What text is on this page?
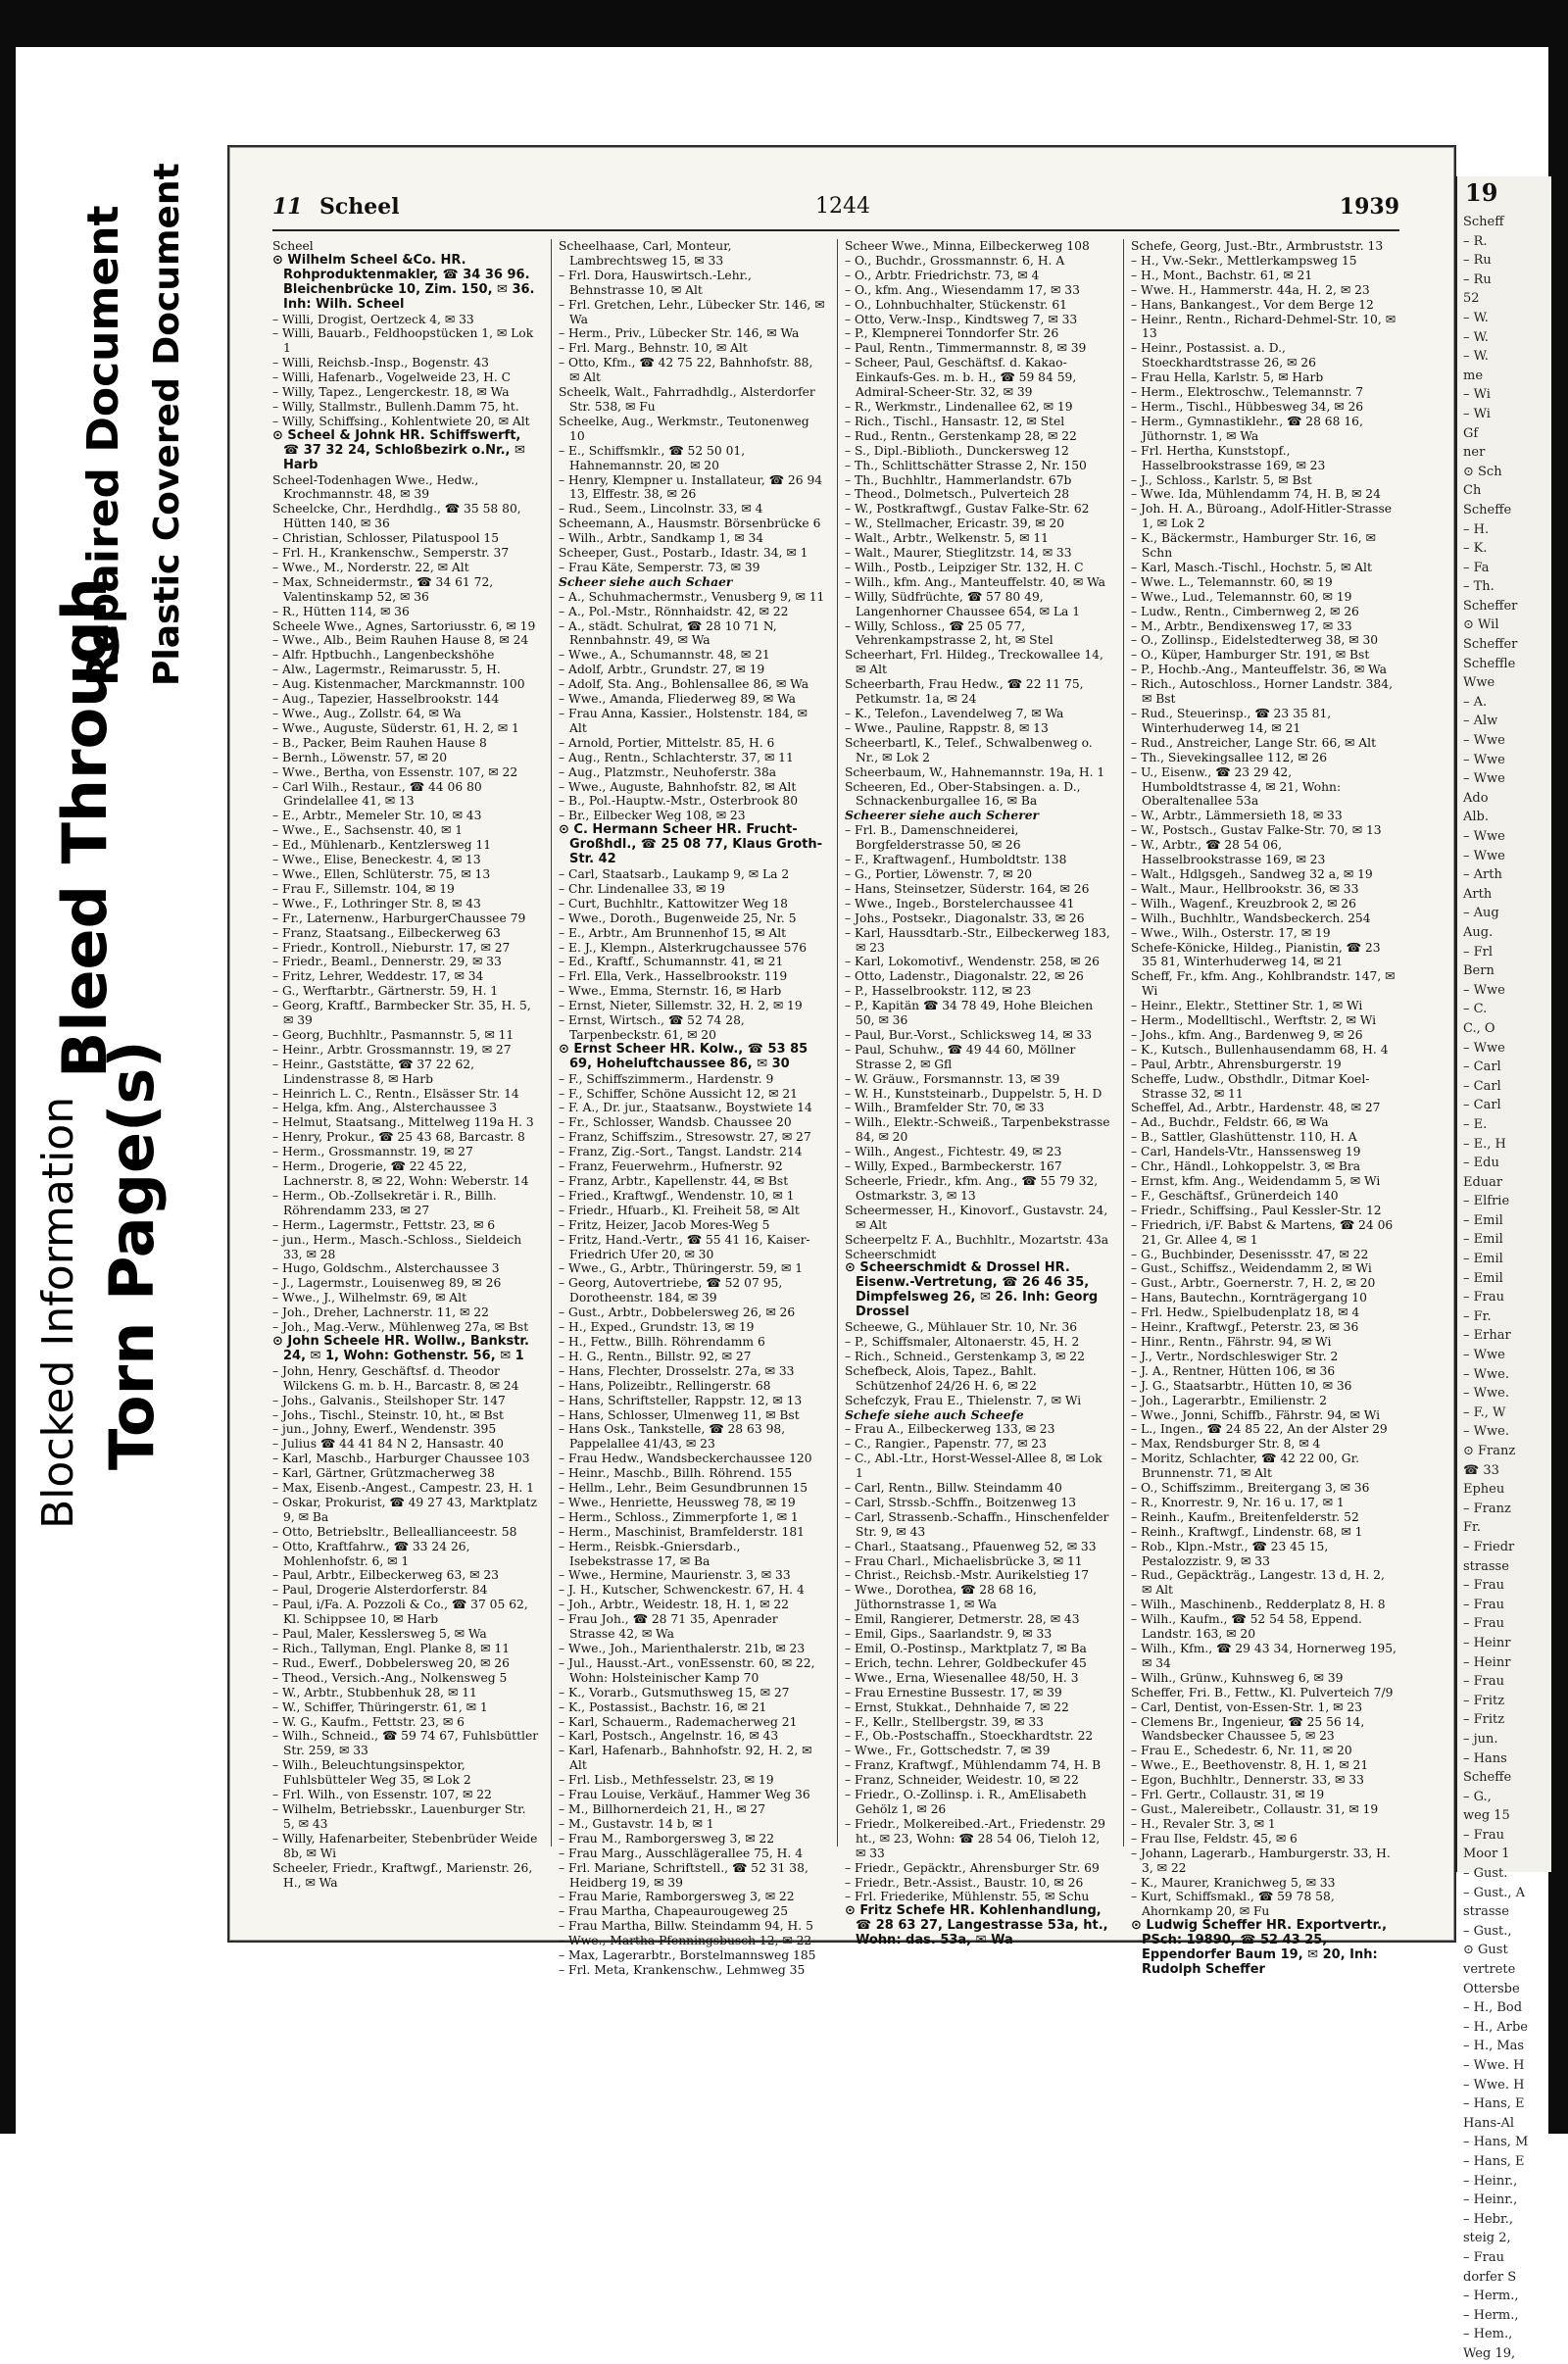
Blocked Information Torn Page(s)
Bleed Through
Repaired Document Plastic Covered Document	11 Scheel	1244	1939

Scheel

⊙ Wilhelm Scheel &Co. HR. Rohproduktenmakler, ☎ 34 36 96. Bleichenbrücke 10, Zim. 150, ✉ 36. Inh: Wilh. Scheel

– Willi, Drogist, Oertzeck 4, ✉ 33

– Willi, Bauarb., Feldhoopstücken 1, ✉ Lok 1

– Willi, Reichsb.-Insp., Bogenstr. 43

– Willi, Hafenarb., Vogelweide 23, H. C

– Willy, Tapez., Lengerckestr. 18, ✉ Wa

– Willy, Stallmstr., Bullenh.Damm 75, ht.

– Willy, Schiffsing., Kohlentwiete 20, ✉ Alt

⊙ Scheel & Johnk HR. Schiffswerft, ☎ 37 32 24, Schloßbezirk o.Nr., ✉ Harb

Scheel-Todenhagen Wwe., Hedw., Krochmannstr. 48, ✉ 39

Scheelcke, Chr., Herdhdlg., ☎ 35 58 80, Hütten 140, ✉ 36

– Christian, Schlosser, Pilatuspool 15

– Frl. H., Krankenschw., Semperstr. 37

– Wwe., M., Norderstr. 22, ✉ Alt

– Max, Schneidermstr., ☎ 34 61 72, Valentinskamp 52, ✉ 36

– R., Hütten 114, ✉ 36

Scheele Wwe., Agnes, Sartoriusstr. 6, ✉ 19

– Wwe., Alb., Beim Rauhen Hause 8, ✉ 24

– Alfr. Hptbuchh., Langenbeckshöhe

– Alw., Lagermstr., Reimarusstr. 5, H.

– Aug. Kistenmacher, Marckmannstr. 100

– Aug., Tapezier, Hasselbrookstr. 144

– Wwe., Aug., Zollstr. 64, ✉ Wa

– Wwe., Auguste, Süderstr. 61, H. 2, ✉ 1

– B., Packer, Beim Rauhen Hause 8

– Bernh., Löwenstr. 57, ✉ 20

– Wwe., Bertha, von Essenstr. 107, ✉ 22

– Carl Wilh., Restaur., ☎ 44 06 80 Grindelallee 41, ✉ 13

– E., Arbtr., Memeler Str. 10, ✉ 43

– Wwe., E., Sachsenstr. 40, ✉ 1

– Ed., Mühlenarb., Kentzlersweg 11

– Wwe., Elise, Beneckestr. 4, ✉ 13

– Wwe., Ellen, Schlüterstr. 75, ✉ 13

– Frau F., Sillemstr. 104, ✉ 19

– Wwe., F., Lothringer Str. 8, ✉ 43

– Fr., Laternenw., HarburgerChaussee 79

– Franz, Staatsang., Eilbeckerweg 63

– Friedr., Kontroll., Nieburstr. 17, ✉ 27

– Friedr., Beaml., Dennerstr. 29, ✉ 33

– Fritz, Lehrer, Weddestr. 17, ✉ 34

– G., Werftarbtr., Gärtnerstr. 59, H. 1

– Georg, Kraftf., Barmbecker Str. 35, H. 5, ✉ 39

– Georg, Buchhltr., Pasmannstr. 5, ✉ 11

– Heinr., Arbtr. Grossmannstr. 19, ✉ 27

– Heinr., Gaststätte, ☎ 37 22 62, Lindenstrasse 8, ✉ Harb

– Heinrich L. C., Rentn., Elsässer Str. 14

– Helga, kfm. Ang., Alsterchaussee 3

– Helmut, Staatsang., Mittelweg 119a H. 3

– Henry, Prokur., ☎ 25 43 68, Barcastr. 8

– Herm., Grossmannstr. 19, ✉ 27

– Herm., Drogerie, ☎ 22 45 22, Lachnerstr. 8, ✉ 22, Wohn: Weberstr. 14

– Herm., Ob.-Zollsekretär i. R., Billh. Röhrendamm 233, ✉ 27

– Herm., Lagermstr., Fettstr. 23, ✉ 6

– jun., Herm., Masch.-Schloss., Sieldeich 33, ✉ 28

– Hugo, Goldschm., Alsterchaussee 3

– J., Lagermstr., Louisenweg 89, ✉ 26

– Wwe., J., Wilhelmstr. 69, ✉ Alt

– Joh., Dreher, Lachnerstr. 11, ✉ 22

– Joh., Mag.-Verw., Mühlenweg 27a, ✉ Bst

⊙ John Scheele HR. Wollw., Bankstr. 24, ✉ 1, Wohn: Gothenstr. 56, ✉ 1

– John, Henry, Geschäftsf. d. Theodor Wilckens G. m. b. H., Barcastr. 8, ✉ 24

– Johs., Galvanis., Steilshoper Str. 147

– Johs., Tischl., Steinstr. 10, ht., ✉ Bst

– jun., Johny, Ewerf., Wendenstr. 395

– Julius ☎ 44 41 84 N 2, Hansastr. 40

– Karl, Maschb., Harburger Chaussee 103

– Karl, Gärtner, Grützmacherweg 38

– Max, Eisenb.-Angest., Campestr. 23, H. 1

– Oskar, Prokurist, ☎ 49 27 43, Marktplatz 9, ✉ Ba

– Otto, Betriebsltr., Belleallianceestr. 58

– Otto, Kraftfahrw., ☎ 33 24 26, Mohlenhofstr. 6, ✉ 1

– Paul, Arbtr., Eilbeckerweg 63, ✉ 23

– Paul, Drogerie Alsterdorferstr. 84

– Paul, i/Fa. A. Pozzoli & Co., ☎ 37 05 62, Kl. Schippsee 10, ✉ Harb

– Paul, Maler, Kesslersweg 5, ✉ Wa

– Rich., Tallyman, Engl. Planke 8, ✉ 11

– Rud., Ewerf., Dobbelersweg 20, ✉ 26

– Theod., Versich.-Ang., Nolkensweg 5

– W., Arbtr., Stubbenhuk 28, ✉ 11

– W., Schiffer, Thüringerstr. 61, ✉ 1

– W. G., Kaufm., Fettstr. 23, ✉ 6

– Wilh., Schneid., ☎ 59 74 67, Fuhlsbüttler Str. 259, ✉ 33

– Wilh., Beleuchtungsinspektor, Fuhlsbütteler Weg 35, ✉ Lok 2

– Frl. Wilh., von Essenstr. 107, ✉ 22

– Wilhelm, Betriebsskr., Lauenburger Str. 5, ✉ 43

– Willy, Hafenarbeiter, Stebenbrüder Weide 8b, ✉ Wi

Scheeler, Friedr., Kraftwgf., Marienstr. 26, H., ✉ Wa

Scheelhaase, Carl, Monteur, Lambrechtsweg 15, ✉ 33

– Frl. Dora, Hauswirtsch.-Lehr., Behnstrasse 10, ✉ Alt

– Frl. Gretchen, Lehr., Lübecker Str. 146, ✉ Wa

– Herm., Priv., Lübecker Str. 146, ✉ Wa

– Frl. Marg., Behnstr. 10, ✉ Alt

– Otto, Kfm., ☎ 42 75 22, Bahnhofstr. 88, ✉ Alt

Scheelk, Walt., Fahrradhdlg., Alsterdorfer Str. 538, ✉ Fu

Scheelke, Aug., Werkmstr., Teutonenweg 10

– E., Schiffsmklr., ☎ 52 50 01, Hahnemannstr. 20, ✉ 20

– Henry, Klempner u. Installateur, ☎ 26 94 13, Elffestr. 38, ✉ 26

– Rud., Seem., Lincolnstr. 33, ✉ 4

Scheemann, A., Hausmstr. Börsenbrücke 6

– Wilh., Arbtr., Sandkamp 1, ✉ 34

Scheeper, Gust., Postarb., Idastr. 34, ✉ 1

– Frau Käte, Semperstr. 73, ✉ 39

Scheer siehe auch Schaer

– A., Schuhmachermstr., Venusberg 9, ✉ 11

– A., Pol.-Mstr., Rönnhaidstr. 42, ✉ 22

– A., städt. Schulrat, ☎ 28 10 71 N, Rennbahnstr. 49, ✉ Wa

– Wwe., A., Schumannstr. 48, ✉ 21

– Adolf, Arbtr., Grundstr. 27, ✉ 19

– Adolf, Sta. Ang., Bohlensallee 86, ✉ Wa

– Wwe., Amanda, Fliederweg 89, ✉ Wa

– Frau Anna, Kassier., Holstenstr. 184, ✉ Alt

– Arnold, Portier, Mittelstr. 85, H. 6

– Aug., Rentn., Schlachterstr. 37, ✉ 11

– Aug., Platzmstr., Neuhoferstr. 38a

– Wwe., Auguste, Bahnhofstr. 82, ✉ Alt

– B., Pol.-Hauptw.-Mstr., Osterbrook 80

– Br., Eilbecker Weg 108, ✉ 23

⊙ C. Hermann Scheer HR. Frucht-Großhdl., ☎ 25 08 77, Klaus Groth-Str. 42

– Carl, Staatsarb., Laukamp 9, ✉ La 2

– Chr. Lindenallee 33, ✉ 19

– Curt, Buchhltr., Kattowitzer Weg 18

– Wwe., Doroth., Bugenweide 25, Nr. 5

– E., Arbtr., Am Brunnenhof 15, ✉ Alt

– E. J., Klempn., Alsterkrugchaussee 576

– Ed., Kraftf., Schumannstr. 41, ✉ 21

– Frl. Ella, Verk., Hasselbrookstr. 119

– Wwe., Emma, Sternstr. 16, ✉ Harb

– Ernst, Nieter, Sillemstr. 32, H. 2, ✉ 19

– Ernst, Wirtsch., ☎ 52 74 28, Tarpenbeckstr. 61, ✉ 20

⊙ Ernst Scheer HR. Kolw., ☎ 53 85 69, Hoheluftchaussee 86, ✉ 30

– F., Schiffszimmerm., Hardenstr. 9

– F., Schiffer, Schöne Aussicht 12, ✉ 21

– F. A., Dr. jur., Staatsanw., Boystwiete 14

– Fr., Schlosser, Wandsb. Chaussee 20

– Franz, Schiffszim., Stresowstr. 27, ✉ 27

– Franz, Zig.-Sort., Tangst. Landstr. 214

– Franz, Feuerwehrm., Hufnerstr. 92

– Franz, Arbtr., Kapellenstr. 44, ✉ Bst

– Fried., Kraftwgf., Wendenstr. 10, ✉ 1

– Friedr., Hfuarb., Kl. Freiheit 58, ✉ Alt

– Fritz, Heizer, Jacob Mores-Weg 5

– Fritz, Hand.-Vertr., ☎ 55 41 16, Kaiser-Friedrich Ufer 20, ✉ 30

– Wwe., G., Arbtr., Thüringerstr. 59, ✉ 1

– Georg, Autovertriebe, ☎ 52 07 95, Dorotheenstr. 184, ✉ 39

– Gust., Arbtr., Dobbelersweg 26, ✉ 26

– H., Exped., Grundstr. 13, ✉ 19

– H., Fettw., Billh. Röhrendamm 6

– H. G., Rentn., Billstr. 92, ✉ 27

– Hans, Flechter, Drosselstr. 27a, ✉ 33

– Hans, Polizeibtr., Rellingerstr. 68

– Hans, Schriftsteller, Rappstr. 12, ✉ 13

– Hans, Schlosser, Ulmenweg 11, ✉ Bst

– Hans Osk., Tankstelle, ☎ 28 63 98, Pappelallee 41/43, ✉ 23

– Frau Hedw., Wandsbeckerchaussee 120

– Heinr., Maschb., Billh. Röhrend. 155

– Hellm., Lehr., Beim Gesundbrunnen 15

– Wwe., Henriette, Heussweg 78, ✉ 19

– Herm., Schloss., Zimmerpforte 1, ✉ 1

– Herm., Maschinist, Bramfelderstr. 181

– Herm., Reisbk.-Gniersdarb., Isebekstrasse 17, ✉ Ba

– Wwe., Hermine, Maurienstr. 3, ✉ 33

– J. H., Kutscher, Schwenckestr. 67, H. 4

– Joh., Arbtr., Weidestr. 18, H. 1, ✉ 22

– Frau Joh., ☎ 28 71 35, Apenrader Strasse 42, ✉ Wa

– Wwe., Joh., Marienthalerstr. 21b, ✉ 23

– Jul., Hausst.-Art., vonEssenstr. 60, ✉ 22, Wohn: Holsteinischer Kamp 70

– K., Vorarb., Gutsmuthsweg 15, ✉ 27

– K., Postassist., Bachstr. 16, ✉ 21

– Karl, Schauerm., Rademacherweg 21

– Karl, Postsch., Angelnstr. 16, ✉ 43

– Karl, Hafenarb., Bahnhofstr. 92, H. 2, ✉ Alt

– Frl. Lisb., Methfesselstr. 23, ✉ 19

– Frau Louise, Verkäuf., Hammer Weg 36

– M., Billhornerdeich 21, H., ✉ 27

– M., Gustavstr. 14 b, ✉ 1

– Frau M., Ramborgersweg 3, ✉ 22

– Frau Marg., Ausschlägerallee 75, H. 4

– Frl. Mariane, Schriftstell., ☎ 52 31 38, Heidberg 19, ✉ 39

– Frau Marie, Ramborgersweg 3, ✉ 22

– Frau Martha, Chapeaurougeweg 25

– Frau Martha, Billw. Steindamm 94, H. 5

– Wwe., Martha Pfenningsbusch 12, ✉ 22

– Max, Lagerarbtr., Borstelmannsweg 185

– Frl. Meta, Krankenschw., Lehmweg 35

Scheer Wwe., Minna, Eilbeckerweg 108

– O., Buchdr., Grossmannstr. 6, H. A

– O., Arbtr. Friedrichstr. 73, ✉ 4

– O., kfm. Ang., Wiesendamm 17, ✉ 33

– O., Lohnbuchhalter, Stückenstr. 61

– Otto, Verw.-Insp., Kindtsweg 7, ✉ 33

– P., Klempnerei Tonndorfer Str. 26

– Paul, Rentn., Timmermannstr. 8, ✉ 39

– Scheer, Paul, Geschäftsf. d. Kakao-Einkaufs-Ges. m. b. H., ☎ 59 84 59, Admiral-Scheer-Str. 32, ✉ 39

– R., Werkmstr., Lindenallee 62, ✉ 19

– Rich., Tischl., Hansastr. 12, ✉ Stel

– Rud., Rentn., Gerstenkamp 28, ✉ 22

– S., Dipl.-Biblioth., Dunckersweg 12

– Th., Schlittschätter Strasse 2, Nr. 150

– Th., Buchhltr., Hammerlandstr. 67b

– Theod., Dolmetsch., Pulverteich 28

– W., Postkraftwgf., Gustav Falke-Str. 62

– W., Stellmacher, Ericastr. 39, ✉ 20

– Walt., Arbtr., Welkenstr. 5, ✉ 11

– Walt., Maurer, Stieglitzstr. 14, ✉ 33

– Wilh., Postb., Leipziger Str. 132, H. C

– Wilh., kfm. Ang., Manteuffelstr. 40, ✉ Wa

– Willy, Südfrüchte, ☎ 57 80 49, Langenhorner Chaussee 654, ✉ La 1

– Willy, Schloss., ☎ 25 05 77, Vehrenkampstrasse 2, ht, ✉ Stel

Scheerhart, Frl. Hildeg., Treckowallee 14, ✉ Alt

Scheerbarth, Frau Hedw., ☎ 22 11 75, Petkumstr. 1a, ✉ 24

– K., Telefon., Lavendelweg 7, ✉ Wa

– Wwe., Pauline, Rappstr. 8, ✉ 13

Scheerbartl, K., Telef., Schwalbenweg o. Nr., ✉ Lok 2

Scheerbaum, W., Hahnemannstr. 19a, H. 1

Scheeren, Ed., Ober-Stabsingen. a. D., Schnackenburgallee 16, ✉ Ba

Scheerer siehe auch Scherer

– Frl. B., Damenschneiderei, Borgfelderstrasse 50, ✉ 26

– F., Kraftwagenf., Humboldtstr. 138

– G., Portier, Löwenstr. 7, ✉ 20

– Hans, Steinsetzer, Süderstr. 164, ✉ 26

– Wwe., Ingeb., Borstelerchaussee 41

– Johs., Postsekr., Diagonalstr. 33, ✉ 26

– Karl, Haussdtarb.-Str., Eilbeckerweg 183, ✉ 23

– Karl, Lokomotivf., Wendenstr. 258, ✉ 26

– Otto, Ladenstr., Diagonalstr. 22, ✉ 26

– P., Hasselbrookstr. 112, ✉ 23

– P., Kapitän ☎ 34 78 49, Hohe Bleichen 50, ✉ 36

– Paul, Bur.-Vorst., Schlicksweg 14, ✉ 33

– Paul, Schuhw., ☎ 49 44 60, Möllner Strasse 2, ✉ Gfl

– W. Gräuw., Forsmannstr. 13, ✉ 39

– W. H., Kunststeinarb., Duppelstr. 5, H. D

– Wilh., Bramfelder Str. 70, ✉ 33

– Wilh., Elektr.-Schweiß., Tarpenbekstrasse 84, ✉ 20

– Wilh., Angest., Fichtestr. 49, ✉ 23

– Willy, Exped., Barmbeckerstr. 167

Scheerle, Friedr., kfm. Ang., ☎ 55 79 32, Ostmarkstr. 3, ✉ 13

Scheermesser, H., Kinovorf., Gustavstr. 24, ✉ Alt

Scheerpeltz F. A., Buchhltr., Mozartstr. 43a

Scheerschmidt

⊙ Scheerschmidt & Drossel HR. Eisenw.-Vertretung, ☎ 26 46 35, Dimpfelsweg 26, ✉ 26. Inh: Georg Drossel

Scheewe, G., Mühlauer Str. 10, Nr. 36

– P., Schiffsmaler, Altonaerstr. 45, H. 2

– Rich., Schneid., Gerstenkamp 3, ✉ 22

Schefbeck, Alois, Tapez., Bahlt. Schützenhof 24/26 H. 6, ✉ 22

Schefczyk, Frau E., Thielenstr. 7, ✉ Wi

Schefe siehe auch Scheefe

– Frau A., Eilbeckerweg 133, ✉ 23

– C., Rangier., Papenstr. 77, ✉ 23

– C., Abl.-Ltr., Horst-Wessel-Allee 8, ✉ Lok 1

– Carl, Rentn., Billw. Steindamm 40

– Carl, Strssb.-Schffn., Boitzenweg 13

– Carl, Strassenb.-Schaffn., Hinschenfelder Str. 9, ✉ 43

– Charl., Staatsang., Pfauenweg 52, ✉ 33

– Frau Charl., Michaelisbrücke 3, ✉ 11

– Christ., Reichsb.-Mstr. Aurikelstieg 17

– Wwe., Dorothea, ☎ 28 68 16, Jüthornstrasse 1, ✉ Wa

– Emil, Rangierer, Detmerstr. 28, ✉ 43

– Emil, Gips., Saarlandstr. 9, ✉ 33

– Emil, O.-Postinsp., Marktplatz 7, ✉ Ba

– Erich, techn. Lehrer, Goldbeckufer 45

– Wwe., Erna, Wiesenallee 48/50, H. 3

– Frau Ernestine Bussestr. 17, ✉ 39

– Ernst, Stukkat., Dehnhaide 7, ✉ 22

– F., Kellr., Stellbergstr. 39, ✉ 33

– F., Ob.-Postschaffn., Stoeckhardtstr. 22

– Wwe., Fr., Gottschedstr. 7, ✉ 39

– Franz, Kraftwgf., Mühlendamm 74, H. B

– Franz, Schneider, Weidestr. 10, ✉ 22

– Friedr., O.-Zollinsp. i. R., AmElisabeth Gehölz 1, ✉ 26

– Friedr., Molkereibed.-Art., Friedenstr. 29 ht., ✉ 23, Wohn: ☎ 28 54 06, Tieloh 12, ✉ 33

– Friedr., Gepäcktr., Ahrensburger Str. 69

– Friedr., Betr.-Assist., Baustr. 10, ✉ 26

– Frl. Friederike, Mühlenstr. 55, ✉ Schu

⊙ Fritz Schefe HR. Kohlenhandlung, ☎ 28 63 27, Langestrasse 53a, ht., Wohn: das. 53a, ✉ Wa

Schefe, Georg, Just.-Btr., Armbruststr. 13

– H., Vw.-Sekr., Mettlerkampsweg 15

– H., Mont., Bachstr. 61, ✉ 21

– Wwe. H., Hammerstr. 44a, H. 2, ✉ 23

– Hans, Bankangest., Vor dem Berge 12

– Heinr., Rentn., Richard-Dehmel-Str. 10, ✉ 13

– Heinr., Postassist. a. D., Stoeckhardtstrasse 26, ✉ 26

– Frau Hella, Karlstr. 5, ✉ Harb

– Herm., Elektroschw., Telemannstr. 7

– Herm., Tischl., Hübbesweg 34, ✉ 26

– Herm., Gymnastiklehr., ☎ 28 68 16, Jüthornstr. 1, ✉ Wa

– Frl. Hertha, Kunststopf., Hasselbrookstrasse 169, ✉ 23

– J., Schloss., Karlstr. 5, ✉ Bst

– Wwe. Ida, Mühlendamm 74, H. B, ✉ 24

– Joh. H. A., Büroang., Adolf-Hitler-Strasse 1, ✉ Lok 2

– K., Bäckermstr., Hamburger Str. 16, ✉ Schn

– Karl, Masch.-Tischl., Hochstr. 5, ✉ Alt

– Wwe. L., Telemannstr. 60, ✉ 19

– Wwe., Lud., Telemannstr. 60, ✉ 19

– Ludw., Rentn., Cimbernweg 2, ✉ 26

– M., Arbtr., Bendixensweg 17, ✉ 33

– O., Zollinsp., Eidelstedterweg 38, ✉ 30

– O., Küper, Hamburger Str. 191, ✉ Bst

– P., Hochb.-Ang., Manteuffelstr. 36, ✉ Wa

– Rich., Autoschloss., Horner Landstr. 384, ✉ Bst

– Rud., Steuerinsp., ☎ 23 35 81, Winterhuderweg 14, ✉ 21

– Rud., Anstreicher, Lange Str. 66, ✉ Alt

– Th., Sievekingsallee 112, ✉ 26

– U., Eisenw., ☎ 23 29 42, Humboldtstrasse 4, ✉ 21, Wohn: Oberaltenallee 53a

– W., Arbtr., Lämmersieth 18, ✉ 33

– W., Postsch., Gustav Falke-Str. 70, ✉ 13

– W., Arbtr., ☎ 28 54 06, Hasselbrookstrasse 169, ✉ 23

– Walt., Hdlgsgeh., Sandweg 32 a, ✉ 19

– Walt., Maur., Hellbrookstr. 36, ✉ 33

– Wilh., Wagenf., Kreuzbrook 2, ✉ 26

– Wilh., Buchhltr., Wandsbeckerch. 254

– Wwe., Wilh., Osterstr. 17, ✉ 19

Schefe-Könicke, Hildeg., Pianistin, ☎ 23 35 81, Winterhuderweg 14, ✉ 21

Scheff, Fr., kfm. Ang., Kohlbrandstr. 147, ✉ Wi

– Heinr., Elektr., Stettiner Str. 1, ✉ Wi

– Herm., Modelltischl., Werftstr. 2, ✉ Wi

– Johs., kfm. Ang., Bardenweg 9, ✉ 26

– K., Kutsch., Bullenhausendamm 68, H. 4

– Paul, Arbtr., Ahrensburgerstr. 19

Scheffe, Ludw., Obsthdlr., Ditmar Koel-Strasse 32, ✉ 11

Scheffel, Ad., Arbtr., Hardenstr. 48, ✉ 27

– Ad., Buchdr., Feldstr. 66, ✉ Wa

– B., Sattler, Glashüttenstr. 110, H. A

– Carl, Handels-Vtr., Hanssensweg 19

– Chr., Händl., Lohkoppelstr. 3, ✉ Bra

– Ernst, kfm. Ang., Weidendamm 5, ✉ Wi

– F., Geschäftsf., Grünerdeich 140

– Friedr., Schiffsing., Paul Kessler-Str. 12

– Friedrich, i/F. Babst & Martens, ☎ 24 06 21, Gr. Allee 4, ✉ 1

– G., Buchbinder, Desenissstr. 47, ✉ 22

– Gust., Schiffsz., Weidendamm 2, ✉ Wi

– Gust., Arbtr., Goernerstr. 7, H. 2, ✉ 20

– Hans, Bautechn., Kornträgergang 10

– Frl. Hedw., Spielbudenplatz 18, ✉ 4

– Heinr., Kraftwgf., Peterstr. 23, ✉ 36

– Hinr., Rentn., Fährstr. 94, ✉ Wi

– J., Vertr., Nordschleswiger Str. 2

– J. A., Rentner, Hütten 106, ✉ 36

– J. G., Staatsarbtr., Hütten 10, ✉ 36

– Joh., Lagerarbtr., Emilienstr. 2

– Wwe., Jonni, Schiffb., Fährstr. 94, ✉ Wi

– L., Ingen., ☎ 24 85 22, An der Alster 29

– Max, Rendsburger Str. 8, ✉ 4

– Moritz, Schlachter, ☎ 42 22 00, Gr. Brunnenstr. 71, ✉ Alt

– O., Schiffszimm., Breitergang 3, ✉ 36

– R., Knorrestr. 9, Nr. 16 u. 17, ✉ 1

– Reinh., Kaufm., Breitenfelderstr. 52

– Reinh., Kraftwgf., Lindenstr. 68, ✉ 1

– Rob., Klpn.-Mstr., ☎ 23 45 15, Pestalozzistr. 9, ✉ 33

– Rud., Gepäckträg., Langestr. 13 d, H. 2, ✉ Alt

– Wilh., Maschinenb., Redderplatz 8, H. 8

– Wilh., Kaufm., ☎ 52 54 58, Eppend. Landstr. 163, ✉ 20

– Wilh., Kfm., ☎ 29 43 34, Hornerweg 195, ✉ 34

– Wilh., Grünw., Kuhnsweg 6, ✉ 39

Scheffer, Fri. B., Fettw., Kl. Pulverteich 7/9

– Carl, Dentist, von-Essen-Str. 1, ✉ 23

– Clemens Br., Ingenieur, ☎ 25 56 14, Wandsbecker Chaussee 5, ✉ 23

– Frau E., Schedestr. 6, Nr. 11, ✉ 20

– Wwe., E., Beethovenstr. 8, H. 1, ✉ 21

– Egon, Buchhltr., Dennerstr. 33, ✉ 33

– Frl. Gertr., Collaustr. 31, ✉ 19

– Gust., Malereibetr., Collaustr. 31, ✉ 19

– H., Revaler Str. 3, ✉ 1

– Frau Ilse, Feldstr. 45, ✉ 6

– Johann, Lagerarb., Hamburgerstr. 33, H. 3, ✉ 22

– K., Maurer, Kranichweg 5, ✉ 33

– Kurt, Schiffsmakl., ☎ 59 78 58, Ahornkamp 20, ✉ Fu

⊙ Ludwig Scheffer HR. Exportvertr., PSch: 19890, ☎ 52 43 25, Eppendorfer Baum 19, ✉ 20, Inh: Rudolph Scheffer

19
Scheff
– R.
– Ru
– Ru
52
– W.
– W.
– W.
me
– Wi
– Wi
Gf
ner
⊙ Sch
Ch
Scheffe
– H.
– K.
– Fa
– Th.
Scheffer
⊙ Wil
Scheffer
Scheffle
Wwe
– A.
– Alw
– Wwe
– Wwe
– Wwe
Ado
Alb.
– Wwe
– Wwe
– Arth
Arth
– Aug
Aug.
– Frl
Bern
– Wwe
– C.
C., O
– Wwe
– Carl
– Carl
– Carl
– E.
– E., H
– Edu
Eduar
– Elfrie
– Emil
– Emil
– Emil
– Emil
– Frau
– Fr.
– Erhar
– Wwe
– Wwe.
– Wwe.
– F., W
– Wwe.
⊙ Franz
☎ 33
Epheu
– Franz
Fr.
– Friedr
strasse
– Frau
– Frau
– Frau
– Heinr
– Heinr
– Frau
– Fritz
– Fritz
– jun.
– Hans
Scheffe
– G.,
weg 15
– Frau
Moor 1
– Gust.
– Gust., A
strasse
– Gust.,
⊙ Gust
vertrete
Ottersbe
– H., Bod
– H., Arbe
– H., Mas
– Wwe. H
– Wwe. H
– Hans, E
Hans-Al
– Hans, M
– Hans, E
– Heinr.,
– Heinr.,
– Hebr.,
steig 2,
– Frau
dorfer S
– Herm.,
– Herm.,
– Hem.,
Weg 19,
